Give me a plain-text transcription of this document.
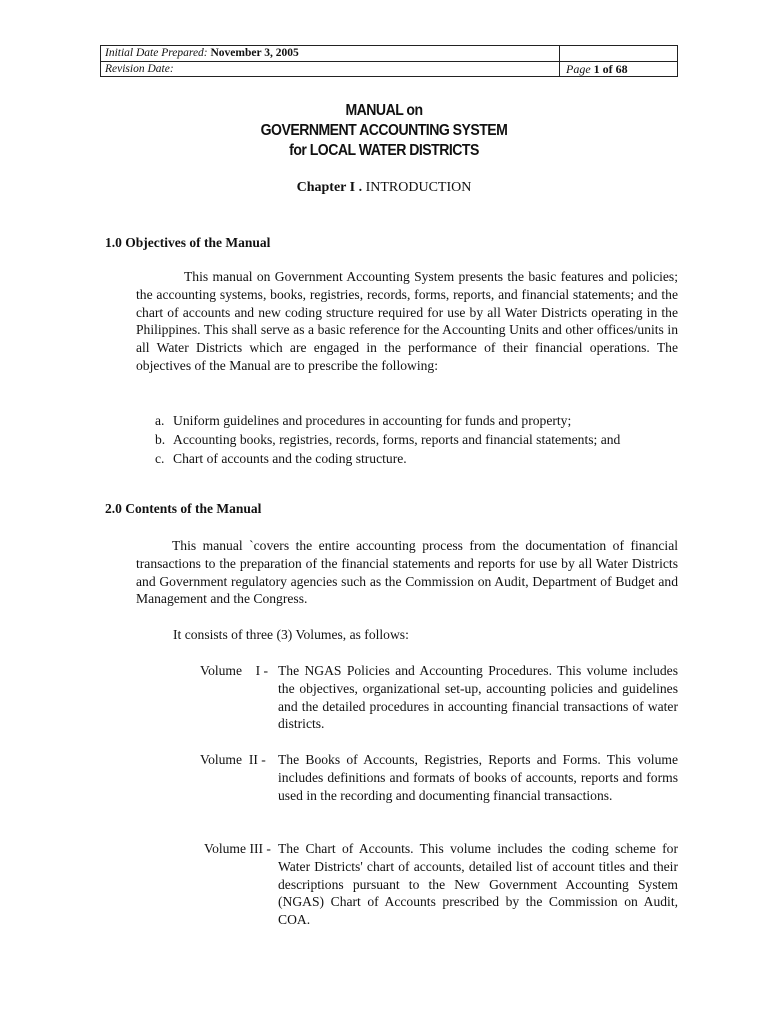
Initial Date Prepared: November 3, 2005
Revision Date:	Page 1 of 68
MANUAL on
GOVERNMENT ACCOUNTING SYSTEM
for LOCAL WATER DISTRICTS
Chapter I . INTRODUCTION
1.0 Objectives of the Manual
This manual on Government Accounting System presents the basic features and policies; the accounting systems, books, registries, records, forms, reports, and financial statements; and the chart of accounts and new coding structure required for use by all Water Districts operating in the Philippines. This shall serve as a basic reference for the Accounting Units and other offices/units in all Water Districts which are engaged in the performance of their financial operations. The objectives of the Manual are to prescribe the following:
a. Uniform guidelines and procedures in accounting for funds and property;
b. Accounting books, registries, records, forms, reports and financial statements; and
c. Chart of accounts and the coding structure.
2.0 Contents of the Manual
This manual `covers the entire accounting process from the documentation of financial transactions to the preparation of the financial statements and reports for use by all Water Districts and Government regulatory agencies such as the Commission on Audit, Department of Budget and Management and the Congress.
It consists of three (3) Volumes, as follows:
Volume    I - The NGAS Policies and Accounting Procedures. This volume includes the objectives, organizational set-up, accounting policies and guidelines and the detailed procedures in accounting financial transactions of water districts.
Volume  II - The Books of Accounts, Registries, Reports and Forms. This volume includes definitions and formats of books of accounts, reports and forms used in the recording and documenting financial transactions.
Volume III - The Chart of Accounts. This volume includes the coding scheme for Water Districts' chart of accounts, detailed list of account titles and their descriptions pursuant to the New Government Accounting System (NGAS) Chart of Accounts prescribed by the Commission on Audit, COA.
